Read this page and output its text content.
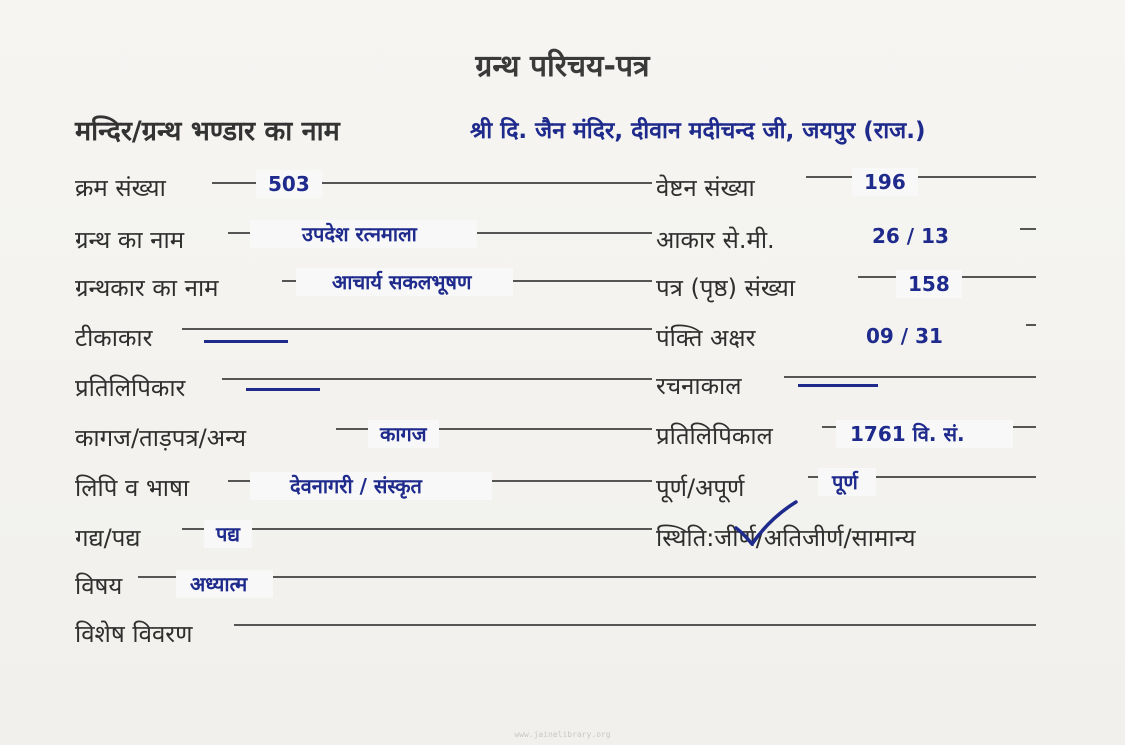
ग्रन्थ परिचय-पत्र
मन्दिर/ग्रन्थ भण्डार का नाम	श्री दि. जैन मंदिर, दीवान मदीचन्द जी, जयपुर (राज.)
क्रम संख्या	503
ग्रन्थ का नाम	उपदेश रत्नमाला
ग्रन्थकार का नाम	आचार्य सकलभूषण
टीकाकार
प्रतिलिपिकार
कागज/ताड़पत्र/अन्य	कागज
लिपि व भाषा	देवनागरी / संस्कृत
गद्य/पद्य	पद्य
विषय	अध्यात्म
विशेष विवरण
वेष्टन संख्या	196
आकार से.मी.	26 / 13
पत्र (पृष्ठ) संख्या	158
पंक्ति अक्षर	09 / 31
रचनाकाल
प्रतिलिपिकाल	1761 वि. सं.
पूर्ण/अपूर्ण	पूर्ण
स्थिति:जीर्ण/अतिजीर्ण/सामान्य
www.jainelibrary.org
